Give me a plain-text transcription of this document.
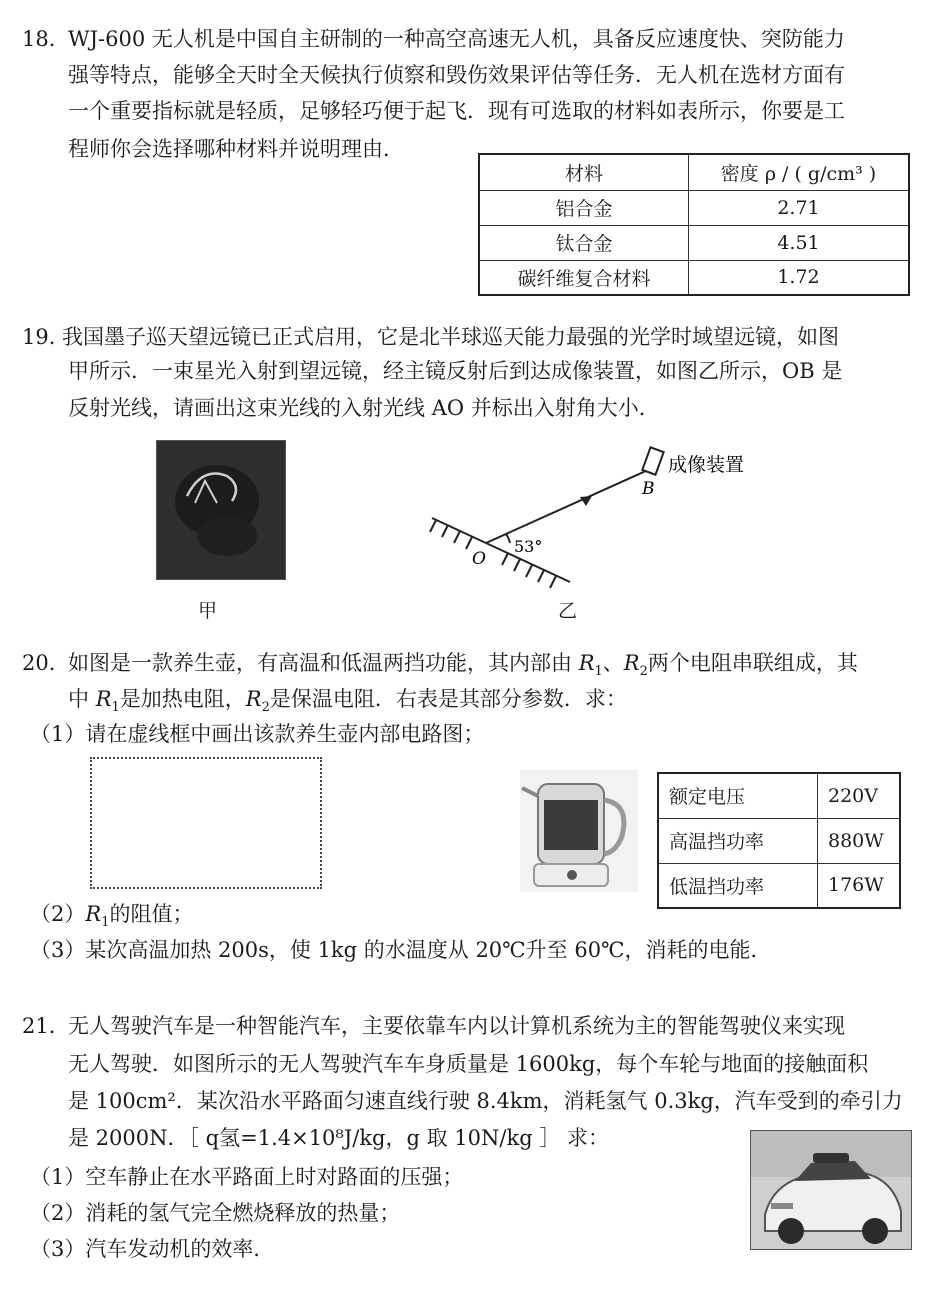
18. WJ-600 无人机是中国自主研制的一种高空高速无人机，具备反应速度快、突防能力
强等特点，能够全天时全天候执行侦察和毁伤效果评估等任务．无人机在选材方面有
一个重要指标就是轻质，足够轻巧便于起飞．现有可选取的材料如表所示，你要是工
程师你会选择哪种材料并说明理由．
材料	密度 ρ / ( g/cm³ )
铝合金	2.71
钛合金	4.51
碳纤维复合材料	1.72
19. 我国墨子巡天望远镜已正式启用，它是北半球巡天能力最强的光学时域望远镜，如图
甲所示．一束星光入射到望远镜，经主镜反射后到达成像装置，如图乙所示，OB 是
反射光线，请画出这束光线的入射光线 AO 并标出入射角大小．
甲
B
成像装置
O
53°
乙
20. 如图是一款养生壶，有高温和低温两挡功能，其内部由 $R_1$、$R_2$两个电阻串联组成，其
中 $R_1$是加热电阻，$R_2$是保温电阻．右表是其部分参数．求：
（1）请在虚线框中画出该款养生壶内部电路图；
额定电压	220V
高温挡功率	880W
低温挡功率	176W
$(2)R_1$的阻值；
（3）某次高温加热 200s，使 1kg 的水温度从 20℃升至 60℃，消耗的电能．
21. 无人驾驶汽车是一种智能汽车，主要依靠车内以计算机系统为主的智能驾驶仪来实现
无人驾驶．如图所示的无人驾驶汽车车身质量是 1600kg，每个车轮与地面的接触面积
是 100cm²．某次沿水平路面匀速直线行驶 8.4km，消耗氢气 0.3kg，汽车受到的牵引力
是 2000N．［ q氢=1.4×10⁸J/kg，g 取 10N/kg ］ 求：
（1）空车静止在水平路面上时对路面的压强；
（2）消耗的氢气完全燃烧释放的热量；
（3）汽车发动机的效率．
